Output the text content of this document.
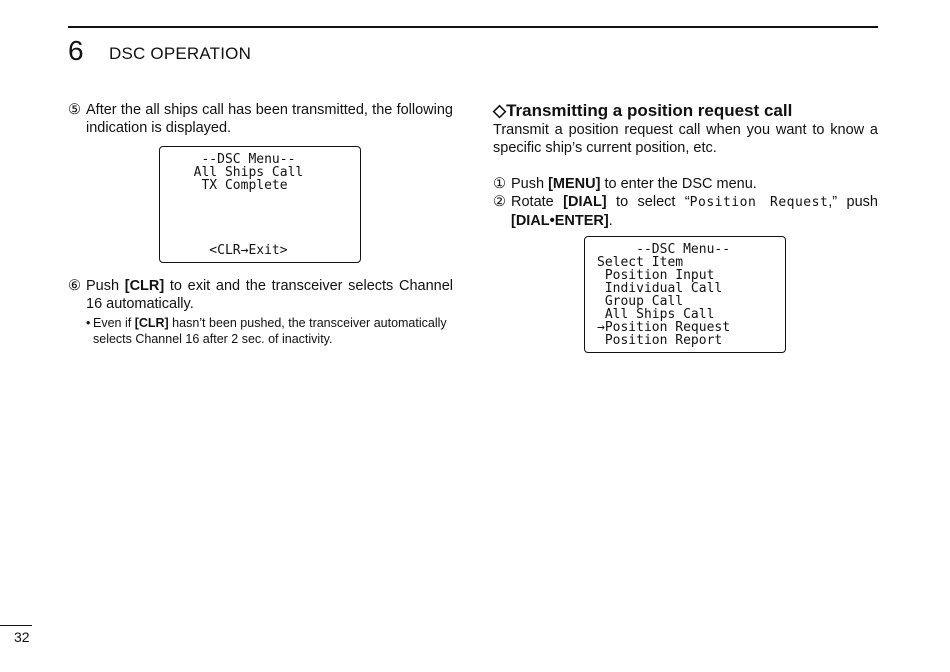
6 DSC OPERATION
⑤ After the all ships call has been transmitted, the following indication is displayed.
--DSC Menu--
All Ships Call
TX Complete
<CLR→Exit>
⑥ Push [CLR] to exit and the transceiver selects Channel 16 automatically.
• Even if [CLR] hasn’t been pushed, the transceiver automatically selects Channel 16 after 2 sec. of inactivity.
◇Transmitting a position request call
Transmit a position request call when you want to know a specific ship’s current position, etc.
① Push [MENU] to enter the DSC menu.
② Rotate [DIAL] to select “Position Request,” push [DIAL•ENTER].
--DSC Menu--
Select Item
Position Input
Individual Call
Group Call
All Ships Call
→Position Request
Position Report
32
